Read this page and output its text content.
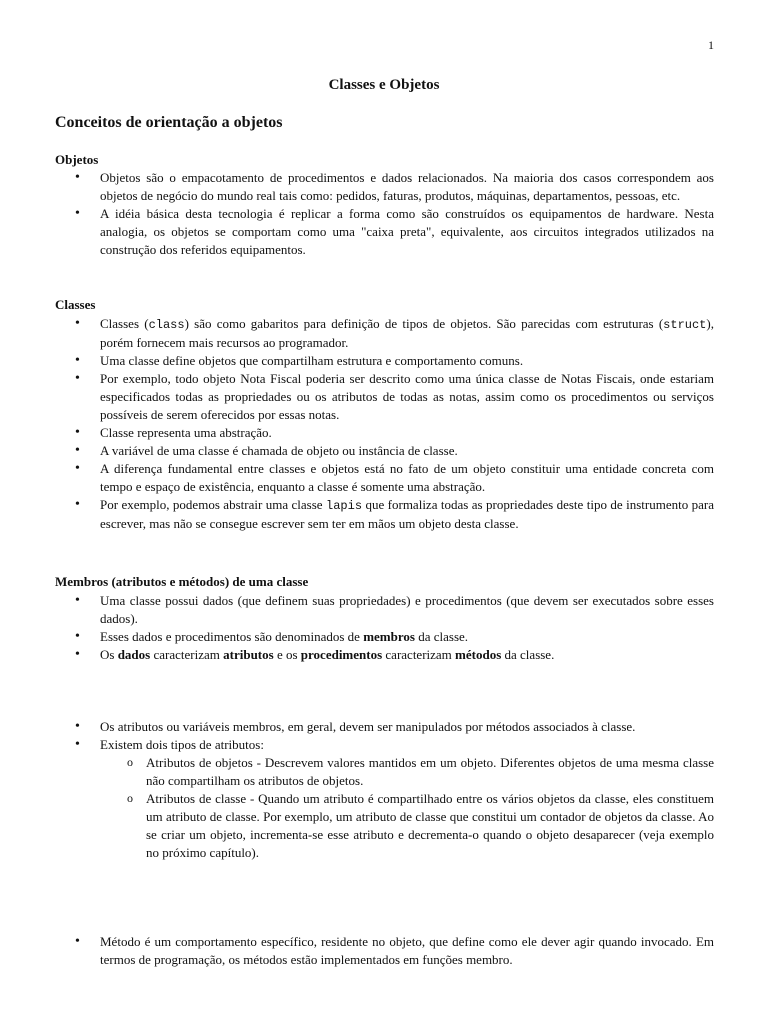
1
Classes e Objetos
Conceitos de orientação a objetos
Objetos
• Objetos são o empacotamento de procedimentos e dados relacionados. Na maioria dos casos correspondem aos objetos de negócio do mundo real tais como: pedidos, faturas, produtos, máquinas, departamentos, pessoas, etc.
• A idéia básica desta tecnologia é replicar a forma como são construídos os equipamentos de hardware. Nesta analogia, os objetos se comportam como uma "caixa preta", equivalente, aos circuitos integrados utilizados na construção dos referidos equipamentos.
Classes
• Classes (class) são como gabaritos para definição de tipos de objetos. São parecidas com estruturas (struct), porém fornecem mais recursos ao programador.
• Uma classe define objetos que compartilham estrutura e comportamento comuns.
• Por exemplo, todo objeto Nota Fiscal poderia ser descrito como uma única classe de Notas Fiscais, onde estariam especificados todas as propriedades ou os atributos de todas as notas, assim como os procedimentos ou serviços possíveis de serem oferecidos por essas notas.
• Classe representa uma abstração.
• A variável de uma classe é chamada de objeto ou instância de classe.
• A diferença fundamental entre classes e objetos está no fato de um objeto constituir uma entidade concreta com tempo e espaço de existência, enquanto a classe é somente uma abstração.
• Por exemplo, podemos abstrair uma classe lapis que formaliza todas as propriedades deste tipo de instrumento para escrever, mas não se consegue escrever sem ter em mãos um objeto desta classe.
Membros (atributos e métodos) de uma classe
• Uma classe possui dados (que definem suas propriedades) e procedimentos (que devem ser executados sobre esses dados).
• Esses dados e procedimentos são denominados de membros da classe.
• Os dados caracterizam atributos e os procedimentos caracterizam métodos da classe.
• Os atributos ou variáveis membros, em geral, devem ser manipulados por métodos associados à classe.
• Existem dois tipos de atributos:
o Atributos de objetos - Descrevem valores mantidos em um objeto. Diferentes objetos de uma mesma classe não compartilham os atributos de objetos.
o Atributos de classe - Quando um atributo é compartilhado entre os vários objetos da classe, eles constituem um atributo de classe. Por exemplo, um atributo de classe que constitui um contador de objetos da classe. Ao se criar um objeto, incrementa-se esse atributo e decrementa-o quando o objeto desaparecer (veja exemplo no próximo capítulo).
• Método é um comportamento específico, residente no objeto, que define como ele dever agir quando invocado. Em termos de programação, os métodos estão implementados em funções membro.
